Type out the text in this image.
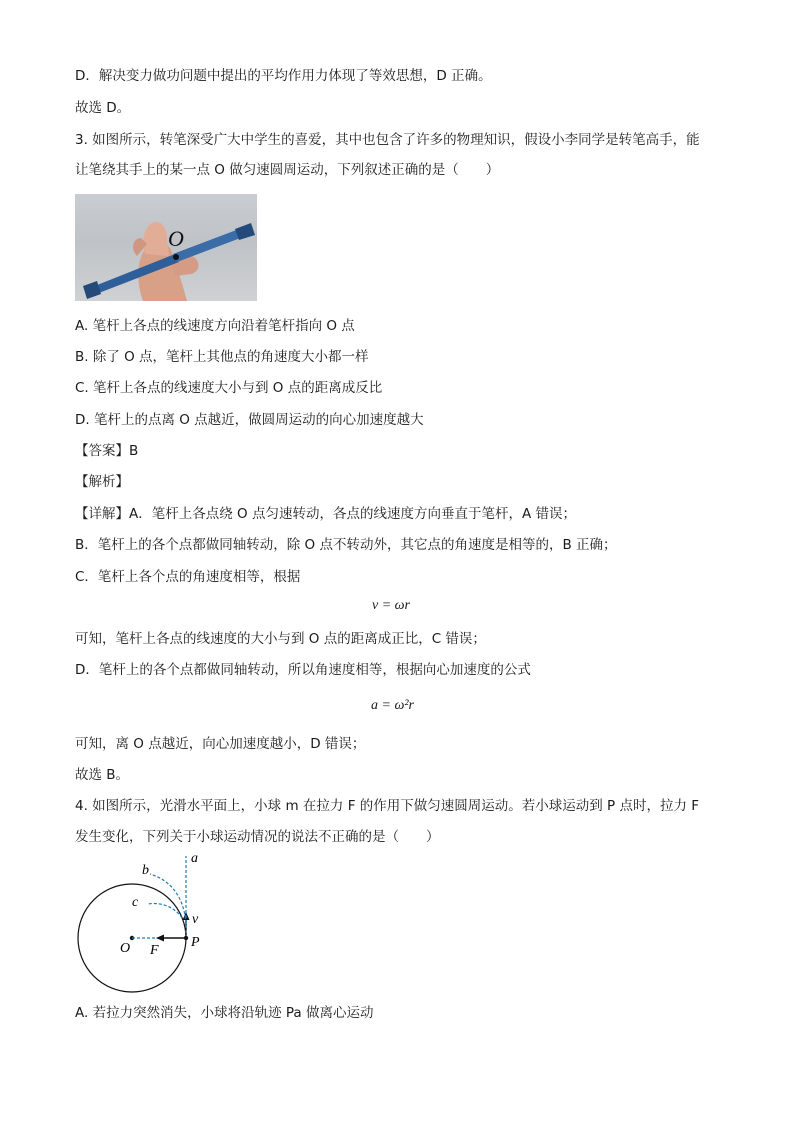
D．解决变力做功问题中提出的平均作用力体现了等效思想，D 正确。
故选 D。
3. 如图所示，转笔深受广大中学生的喜爱，其中也包含了许多的物理知识，假设小李同学是转笔高手，能
让笔绕其手上的某一点 O 做匀速圆周运动，下列叙述正确的是（　　）
O
A. 笔杆上各点的线速度方向沿着笔杆指向 O 点
B. 除了 O 点，笔杆上其他点的角速度大小都一样
C. 笔杆上各点的线速度大小与到 O 点的距离成反比
D. 笔杆上的点离 O 点越近，做圆周运动的向心加速度越大
【答案】B
【解析】
【详解】A．笔杆上各点绕 O 点匀速转动，各点的线速度方向垂直于笔杆，A 错误；
B．笔杆上的各个点都做同轴转动，除 O 点不转动外，其它点的角速度是相等的，B 正确；
C．笔杆上各个点的角速度相等，根据
v = ωr
可知，笔杆上各点的线速度的大小与到 O 点的距离成正比，C 错误；
D．笔杆上的各个点都做同轴转动，所以角速度相等，根据向心加速度的公式
a = ω²r
可知，离 O 点越近，向心加速度越小，D 错误；
故选 B。
4. 如图所示，光滑水平面上，小球 m 在拉力 F 的作用下做匀速圆周运动。若小球运动到 P 点时，拉力 F
发生变化，下列关于小球运动情况的说法不正确的是（　　）
a
b
c
v
O F
P
A. 若拉力突然消失，小球将沿轨迹 Pa 做离心运动
